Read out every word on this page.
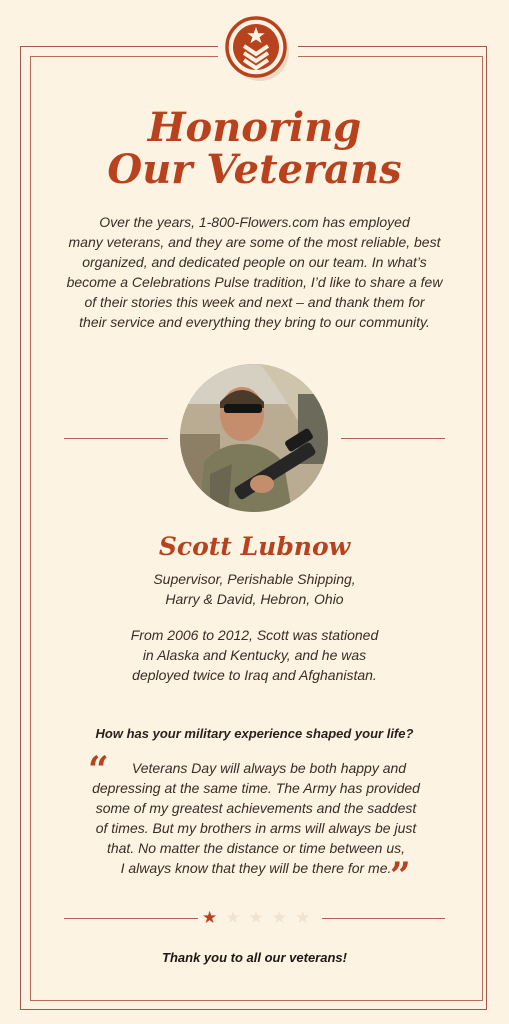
Honoring
Our Veterans
Over the years, 1-800-Flowers.com has employed
many veterans, and they are some of the most reliable, best
organized, and dedicated people on our team. In what’s
become a Celebrations Pulse tradition, I’d like to share a few
of their stories this week and next – and thank them for
their service and everything they bring to our community.
Scott Lubnow
Supervisor, Perishable Shipping,
Harry & David, Hebron, Ohio
From 2006 to 2012, Scott was stationed
in Alaska and Kentucky, and he was
deployed twice to Iraq and Afghanistan.
How has your military experience shaped your life?
“	Veterans Day will always be both happy and
depressing at the same time. The Army has provided
some of my greatest achievements and the saddest
of times. But my brothers in arms will always be just
that. No matter the distance or time between us,
I always know that they will be there for me.
”
★ ★ ★ ★ ★
Thank you to all our veterans!
